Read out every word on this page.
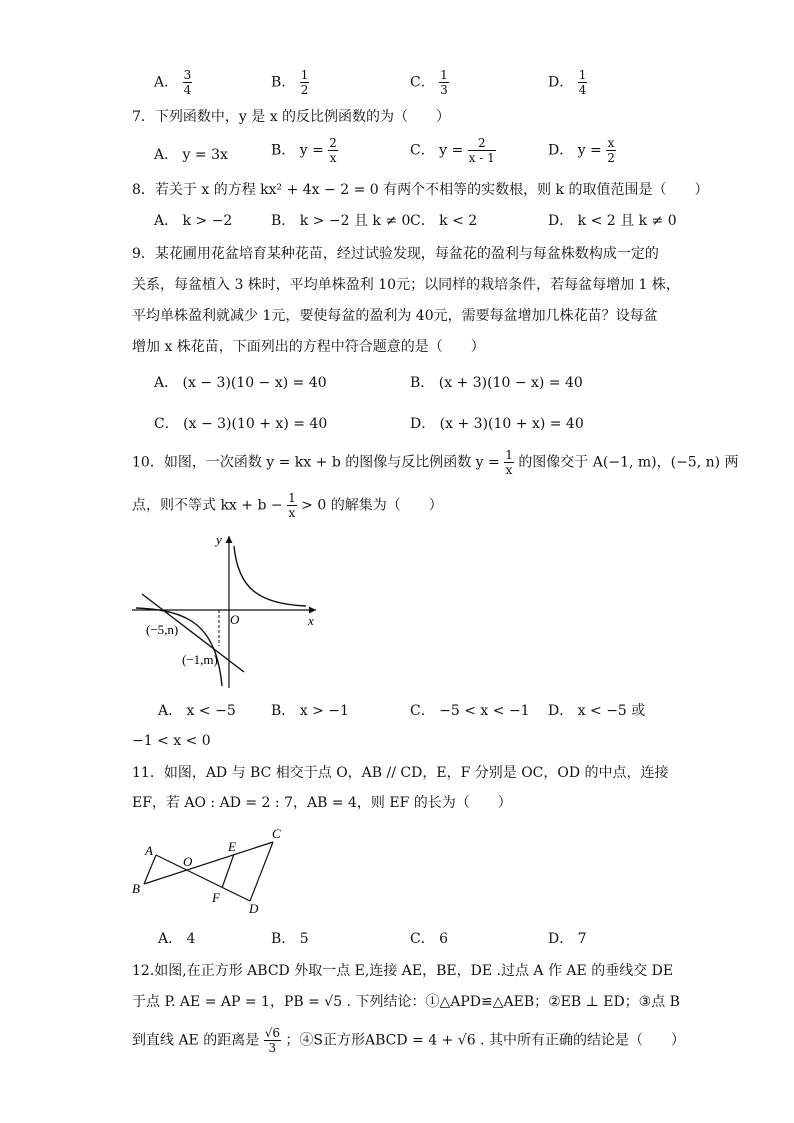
A． $\frac{3}{4}$	B． $\frac{1}{2}$	C． $\frac{1}{3}$	D． $\frac{1}{4}$
7．下列函数中，y 是 x 的反比例函数的为（　　）
A． y = 3x	B． $y = \frac{2}{x}$	C． $y = \frac{2}{x - 1}$	D． $y = \frac{x}{2}$
8．若关于 x 的方程 kx² + 4x − 2 = 0 有两个不相等的实数根，则 k 的取值范围是（　　）
A． k > −2	B． k > −2 且 k ≠ 0 C． k < 2	D． k < 2 且 k ≠ 0
9．某花圃用花盆培育某种花苗，经过试验发现，每盆花的盈利与每盆株数构成一定的
关系，每盆植入 3 株时，平均单株盈利 10元；以同样的栽培条件，若每盆每增加 1 株，
平均单株盈利就减少 1元，要使每盆的盈利为 40元，需要每盆增加几株花苗？设每盆
增加 x 株花苗，下面列出的方程中符合题意的是（　　）
A． (x − 3)(10 − x) = 40	B． (x + 3)(10 − x) = 40
C． (x − 3)(10 + x) = 40	D． (x + 3)(10 + x) = 40
10．如图，一次函数 y = kx + b 的图像与反比例函数 $y = \frac{1}{x}$ 的图像交于 A(−1, m)，(−5, n) 两
点，则不等式 kx + $b - \frac{1}{x} > 0$ 的解集为（　　）
y
x
O
(−5,n)
(−1,m)
A． x < −5	B． x > −1	C． −5 < x < −1 D． x < −5 或
−1 < x < 0
11．如图，AD 与 BC 相交于点 O，AB // CD，E，F 分别是 OC，OD 的中点，连接
EF，若 AO : AD = 2 : 7，AB = 4，则 EF 的长为（　　）
A
B
O
E
C
F
D
A． 4	B． 5	C． 6	D． 7
12.如图,在正方形 ABCD 外取一点 E,连接 AE，BE，DE .过点 A 作 AE 的垂线交 DE
于点 P. AE = AP = 1，PB = √5 . 下列结论：①△APD≌△AEB；②EB ⊥ ED；③点 B
到直线 AE 的距离是 $\frac{√6}{3}$ ；④S正方形ABCD = 4 + √6 . 其中所有正确的结论是（　　）
